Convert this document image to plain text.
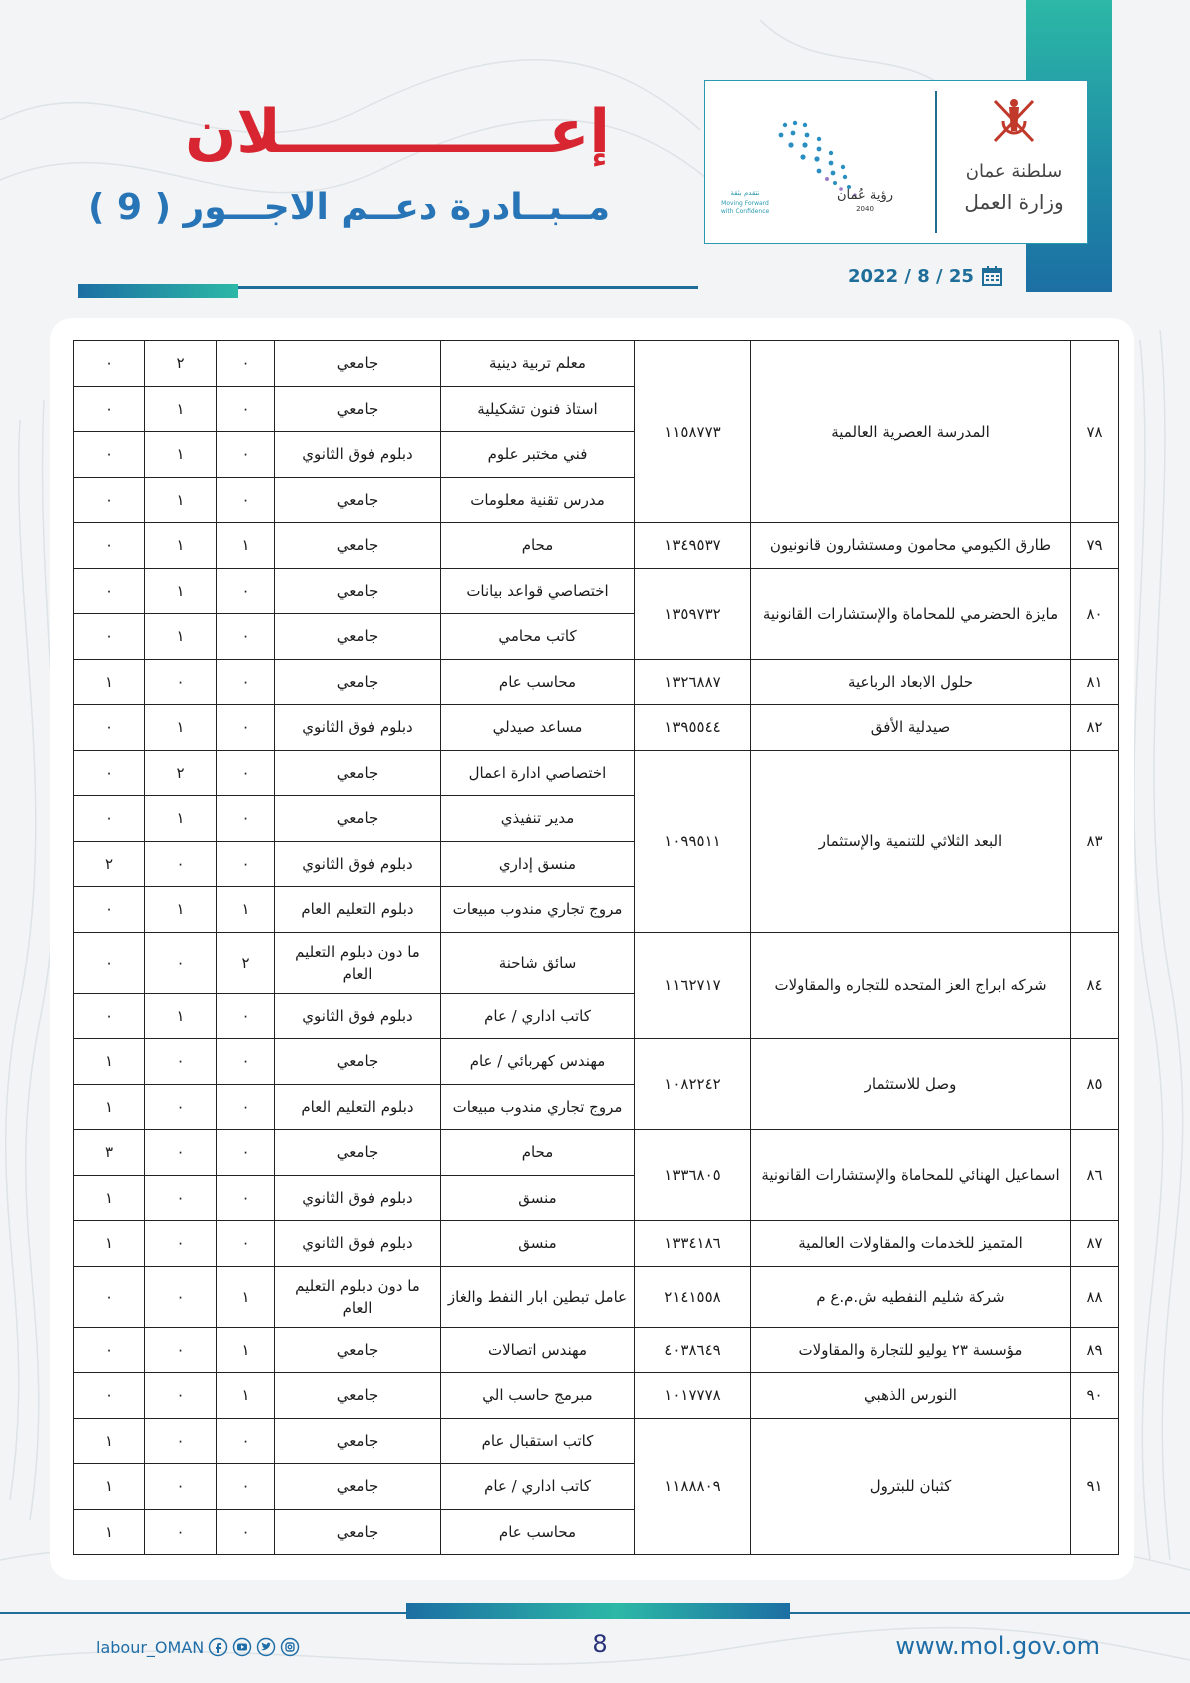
رؤية عُمان
2040
نتقدم بثقة
Moving Forward
with Confidence
سلطنة عمان
وزارة العمل
إعـــــــــــــلان
مــبــادرة دعــم الاجـــور ( 9 )
2022 / 8 / 25
٧٨	المدرسة العصرية العالمية	١١٥٨٧٧٣	معلم تربية دينية	جامعي	٠	٢	٠
			استاذ فنون تشكيلية	جامعي	٠	١	٠
			فني مختبر علوم	دبلوم فوق الثانوي	٠	١	٠
			مدرس تقنية معلومات	جامعي	٠	١	٠
٧٩	طارق الكيومي محامون ومستشارون قانونيون	١٣٤٩٥٣٧	محام	جامعي	١	١	٠
٨٠	مايزة الحضرمي للمحاماة والإستشارات القانونية	١٣٥٩٧٣٢	اختصاصي قواعد بيانات	جامعي	٠	١	٠
			كاتب محامي	جامعي	٠	١	٠
٨١	حلول الابعاد الرباعية	١٣٢٦٨٨٧	محاسب عام	جامعي	٠	٠	١
٨٢	صيدلية الأفق	١٣٩٥٥٤٤	مساعد صيدلي	دبلوم فوق الثانوي	٠	١	٠
٨٣	البعد الثلاثي للتنمية والإستثمار	١٠٩٩٥١١	اختصاصي ادارة اعمال	جامعي	٠	٢	٠
			مدير تنفيذي	جامعي	٠	١	٠
			منسق إداري	دبلوم فوق الثانوي	٠	٠	٢
			مروج تجاري مندوب مبيعات	دبلوم التعليم العام	١	١	٠
٨٤	شركه ابراج العز المتحده للتجاره والمقاولات	١١٦٢٧١٧	سائق شاحنة	ما دون دبلوم التعليم العام	٢	٠	٠
			كاتب اداري / عام	دبلوم فوق الثانوي	٠	١	٠
٨٥	وصل للاستثمار	١٠٨٢٢٤٢	مهندس كهربائي / عام	جامعي	٠	٠	١
			مروج تجاري مندوب مبيعات	دبلوم التعليم العام	٠	٠	١
٨٦	اسماعيل الهنائي للمحاماة والإستشارات القانونية	١٣٣٦٨٠٥	محام	جامعي	٠	٠	٣
			منسق	دبلوم فوق الثانوي	٠	٠	١
٨٧	المتميز للخدمات والمقاولات العالمية	١٣٣٤١٨٦	منسق	دبلوم فوق الثانوي	٠	٠	١
٨٨	شركة شليم النفطيه ش.م.ع م	٢١٤١٥٥٨	عامل تبطين ابار النفط والغاز	ما دون دبلوم التعليم العام	١	٠	٠
٨٩	مؤسسة ٢٣ يوليو للتجارة والمقاولات	٤٠٣٨٦٤٩	مهندس اتصالات	جامعي	١	٠	٠
٩٠	النورس الذهبي	١٠١٧٧٧٨	مبرمج حاسب الي	جامعي	١	٠	٠
٩١	كثبان للبترول	١١٨٨٨٠٩	كاتب استقبال عام	جامعي	٠	٠	١
			كاتب اداري / عام	جامعي	٠	٠	١
			محاسب عام	جامعي	٠	٠	١
8	www.mol.gov.om
labour_OMAN
